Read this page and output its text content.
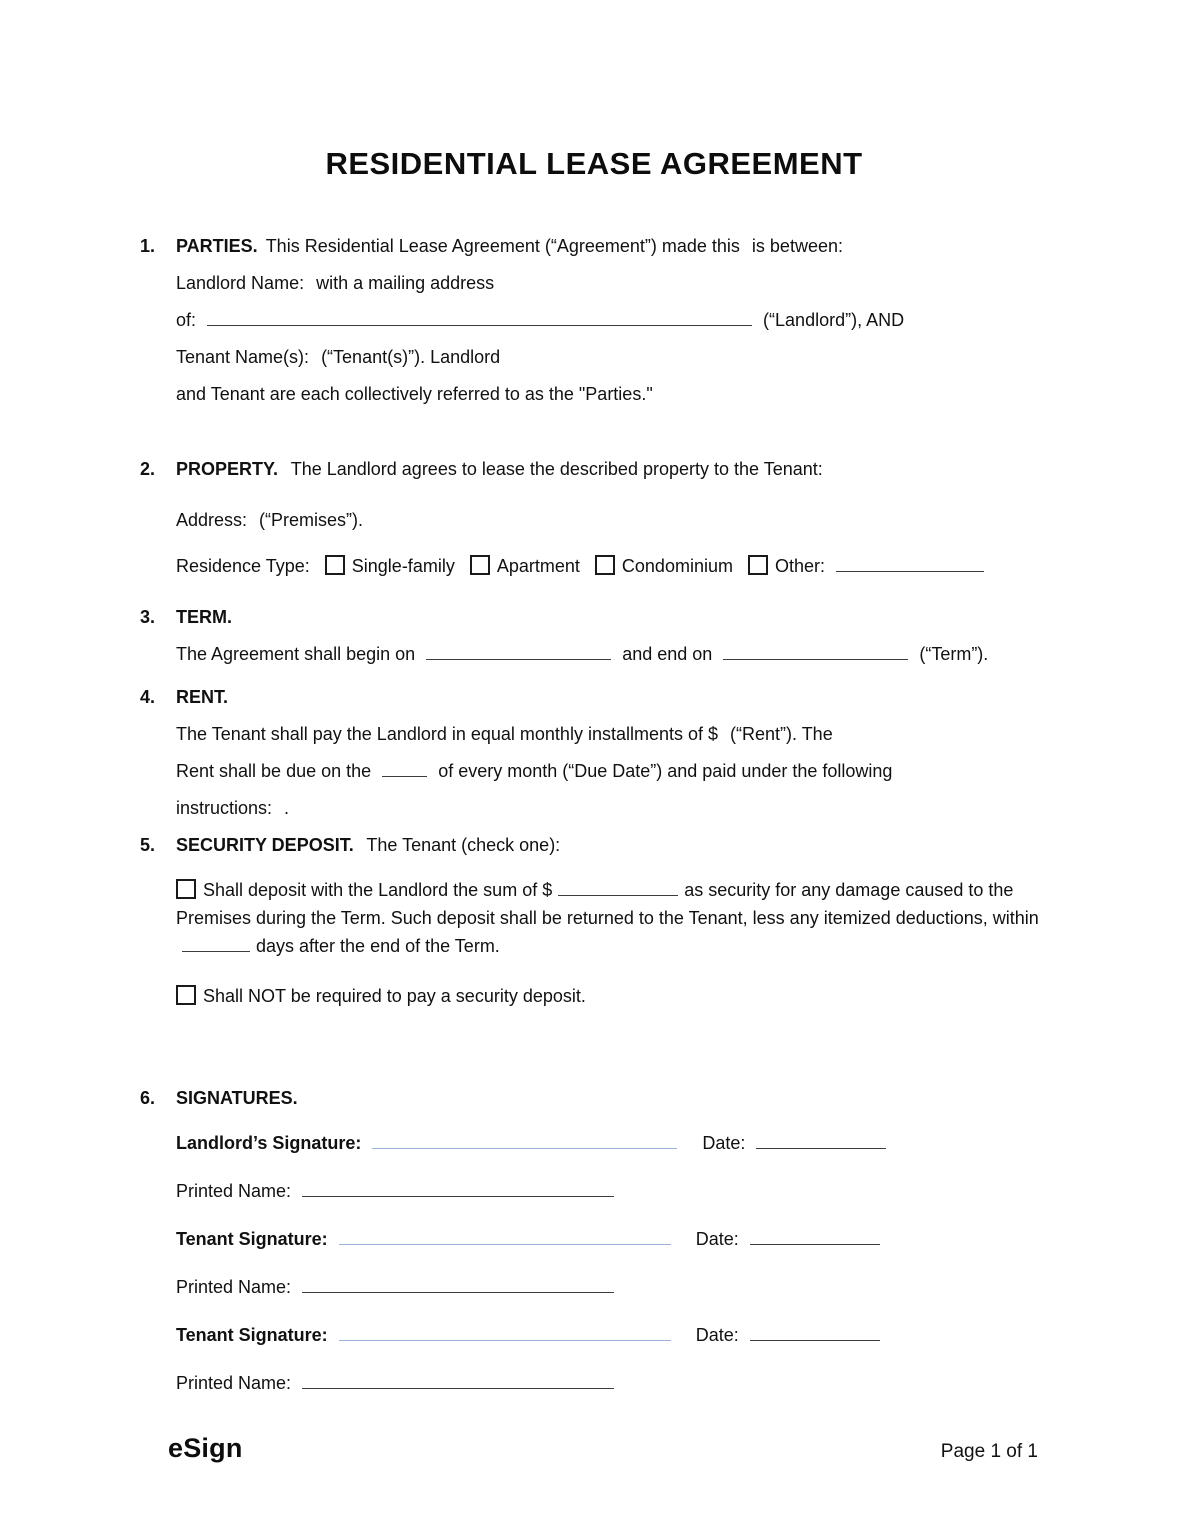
RESIDENTIAL LEASE AGREEMENT
1.	PARTIES. This Residential Lease Agreement (“Agreement”) made this is between:
Landlord Name: with a mailing address
of:	(“Landlord”), AND
Tenant Name(s): (“Tenant(s)”). Landlord
and Tenant are each collectively referred to as the "Parties."
2.	PROPERTY. The Landlord agrees to lease the described property to the Tenant:
Address: (“Premises”).
Residence Type: Single-family Apartment Condominium Other:
3.	TERM.
The Agreement shall begin on	and end on	(“Term”).
4.	RENT.
The Tenant shall pay the Landlord in equal monthly installments of $ (“Rent”). The
Rent shall be due on the	of every month (“Due Date”) and paid under the following
instructions: .
5.	SECURITY DEPOSIT. The Tenant (check one):
Shall deposit with the Landlord the sum of $	as security for any damage caused to the Premises during the Term. Such deposit shall be returned to the Tenant, less any itemized deductions, withindays after the end of the Term.
Shall NOT be required to pay a security deposit.
6.	SIGNATURES.
Landlord’s Signature:	Date:
Printed Name:
Tenant Signature:	Date:
Printed Name:
Tenant Signature:	Date:
Printed Name:
eSign	Page 1 of 1
